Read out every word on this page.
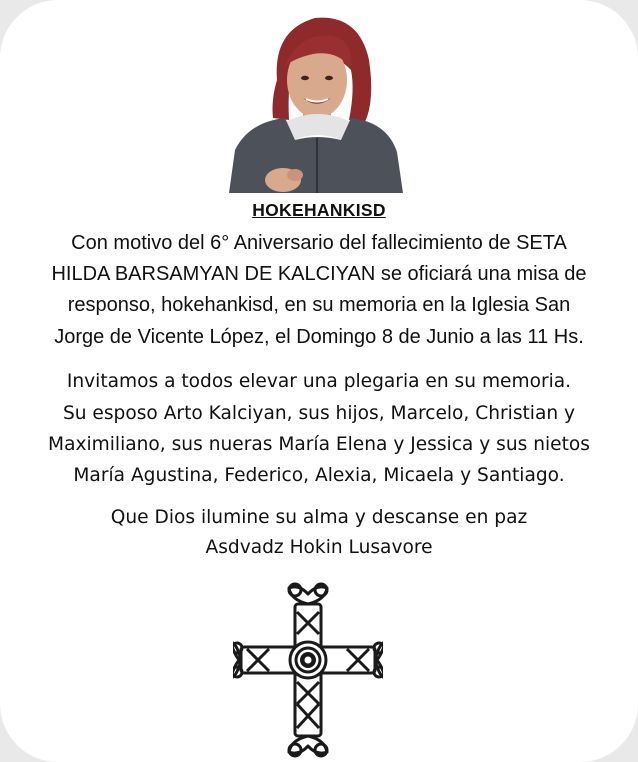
HOKEHANKISD
Con motivo del 6° Aniversario del fallecimiento de SETA
HILDA BARSAMYAN DE KALCIYAN se oficiará una misa de
responso, hokehankisd, en su memoria en la Iglesia San
Jorge de Vicente López, el Domingo 8 de Junio a las 11 Hs.
Invitamos a todos elevar una plegaria en su memoria.
Su esposo Arto Kalciyan, sus hijos, Marcelo, Christian y
Maximiliano, sus nueras María Elena y Jessica y sus nietos
María Agustina, Federico, Alexia, Micaela y Santiago.
Que Dios ilumine su alma y descanse en paz
Asdvadz Hokin Lusavore
